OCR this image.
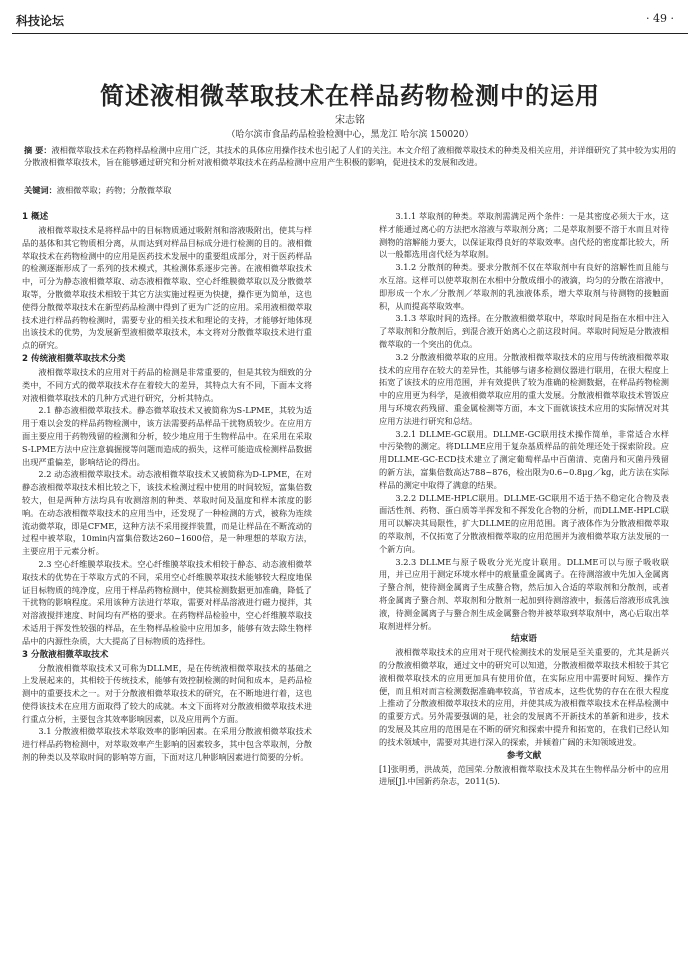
科技论坛	· 49 ·
简述液相微萃取技术在样品药物检测中的运用
宋志铭
（哈尔滨市食品药品检验检测中心，黑龙江 哈尔滨 150020）
摘 要：液相微萃取技术在药物样品检测中应用广泛，其技术的具体应用操作技术也引起了人们的关注。本文介绍了液相微萃取技术的种类及相关应用，并详细研究了其中较为实用的分散液相微萃取技术，旨在能够通过研究和分析对液相微萃取技术在药品检测中应用产生积极的影响，促进技术的发展和改进。
关键词：液相微萃取；药物；分散微萃取
1 概述

液相微萃取技术是将样品中的目标物质通过吸附剂和溶液吸附出，使其与样品的基体和其它物质相分离，从而达到对样品目标成分进行检测的目的。液相微萃取技术在药物检测中的应用是医药技术发展中的重要组成部分，对于医药样品的检测逐渐形成了一系列的技术模式，其检测体系逐步完善。在液相微萃取技术中，可分为静态液相微萃取、动态液相微萃取、空心纤维膜微萃取以及分散微萃取等，分散微萃取技术相较于其它方法实施过程更为快捷，操作更为简单，这也使得分散微萃取技术在新型药品检测中得到了更为广泛的应用。采用液相微萃取技术进行样品药物检测时，需要专业的相关技术和理论的支持，才能够好地体现出该技术的优势，为发展新型液相微萃取技术，本文将对分散微萃取技术进行重点的研究。

2 传统液相微萃取技术分类

液相微萃取技术的应用对于药品的检测是非常重要的，但是其较为细致的分类中，不同方式的微萃取技术存在着较大的差异，其特点大有不同，下面本文将对液相微萃取技术的几种方式进行研究，分析其特点。

2.1 静态液相微萃取技术。静态微萃取技术又被简称为S-LPME，其较为适用于难以会发的样品药物检测中，该方法需要药品样品干扰物质较少。在应用方面主要应用于药物残留的检测和分析，较少地应用于生物样品中。在采用在采取S-LPME方法中应注意搞掘搅等问题而造成的损失，这样可能造成检测样品数据出现严重偏差，影响结论的得出。

2.2 动态液相微萃取技术。动态液相微萃取技术又被简称为D-LPME，在对静态液相微萃取技术相比较之下，该技术检测过程中使用的时间较短，富集倍数较大，但是两种方法均具有收测溶剂的种类、萃取时间及温度和样本浓度的影响。在动态液相微萃取技术的应用当中，还发现了一种检测的方式，被称为连续流动微萃取，即是CFME，这种方法不采用搅拌装置，而是让样品在不断流动的过程中被萃取，10min内富集倍数达260~1600倍，是一种理想的萃取方法，主要应用于元素分析。

2.3 空心纤维膜萃取技术。空心纤维膜萃取技术相较于静态、动态液相微萃取技术的优势在于萃取方式的不同，采用空心纤维膜萃取技术能够较大程度地保证目标物质的纯净度，应用于样品药物检测中，使其检测数据更加准确，降低了干扰物的影响程度。采用该种方法进行萃取，需要对样品溶液进行磁力搅拌，其对溶液搅拌速度、时间均有严格的要求。在药物样品检验中，空心纤维膜萃取技术适用于挥发性较强的样品，在生物样品检验中应用加多，能够有效去除生物样品中的内源性杂质，大大提高了目标物质的选择性。

3 分散液相微萃取技术

分散液相微萃取技术又可称为DLLME，是在传统液相微萃取技术的基础之上发展起来的，其相较于传统技术，能够有效控制检测的时间和成本，是药品检测中的重要技术之一。对于分散液相微萃取技术的研究，在不断地进行着，这也使得该技术在应用方面取得了较大的成就。本文下面将对分散液相微萃取技术进行重点分析，主要包含其效率影响因素，以及应用两个方面。

3.1 分散液相微萃取技术萃取效率的影响因素。在采用分散液相微萃取技术进行样品药物检测中，对萃取效率产生影响的因素较多，其中包含萃取剂，分散剂的种类以及萃取时间的影响等方面，下面对这几种影响因素进行简要的分析。

3.1.1 萃取剂的种类。萃取剂需满足两个条件：一是其密度必须大于水，这样才能通过离心的方法把水溶液与萃取剂分离；二是萃取剂要不溶于水而且对待测物的溶解能力要大，以保证取得良好的萃取效率。卤代烃的密度都比较大，所以一般都选用卤代烃为萃取剂。

3.1.2 分散剂的种类。要求分散剂不仅在萃取剂中有良好的溶解性而且能与水互溶。这样可以使萃取剂在水相中分散成细小的液滴，均匀的分散在溶液中，即形成一个水／分散剂／萃取剂的乳浊液体系，增大萃取剂与待测物的接触面积，从而提高萃取效率。

3.1.3 萃取时间的选择。在分散液相微萃取中，萃取时间是指在水相中注入了萃取剂和分散剂后，到混合液开始离心之前这段时间。萃取时间短是分散液相微萃取的一个突出的优点。

3.2 分散液相微萃取的应用。分散液相微萃取技术的应用与传统液相微萃取技术的应用存在较大的差异性，其能够与诸多检测仪器进行联用，在很大程度上拓宽了该技术的应用范围，并有效提供了较为准确的检测数据，在样品药物检测中的应用更为科学，是液相微萃取应用的重大发展。分散液相微萃取技术管饭应用与环境农药残留、重金属检测等方面，本文下面就该技术应用的实际情况对其应用方法进行研究和总结。

3.2.1 DLLME-GC联用。DLLME-GC联用技术操作简单，非常适合水样中污染物的测定。将DLLME应用于复杂基质样品的前处理还处于探索阶段。应用DLLME-GC-ECD技术建立了测定葡萄样品中百菌清、克菌丹和灭菌丹残留的新方法，富集倍数高达788~876，检出限为0.6~0.8μg／kg，此方法在实际样品的测定中取得了满意的结果。

3.2.2 DLLME-HPLC联用。DLLME-GC联用不适于热不稳定化合物及表面活性剂、药物、蛋白质等半挥发和不挥发化合物的分析，而DLLME-HPLC联用可以解决其局限性，扩大DLLME的应用范围。离子液体作为分散液相微萃取的萃取剂，不仅拓宽了分散液相微萃取的应用范围并为液相微萃取方法发展的一个新方向。

3.2.3 DLLME与原子吸收分光光度计联用。DLLME可以与原子吸收联用，并已应用于测定环境水样中的痕量重金属离子。在待测溶液中先加入金属离子螯合剂，使待测金属离子生成螯合物，然后加入合适的萃取剂和分散剂，或者将金属离子螯合剂、萃取剂和分散剂一起加到待测溶液中，振荡后溶液形成乳浊液，待测金属离子与螯合剂生成金属螯合物并被萃取到萃取剂中，离心后取出萃取剂进样分析。

结束语

液相微萃取技术的应用对于现代检测技术的发展是至关重要的，尤其是新兴的分散液相微萃取，通过文中的研究可以知道，分散液相微萃取技术相较于其它液相微萃取技术的应用更加具有使用价值，在实际应用中需要时间短、操作方便，而且相对而言检测数据准确率较高，节省成本，这些优势的存在在很大程度上推动了分散液相微萃取技术的应用，并使其成为液相微萃取技术在样品检测中的重要方式。另外需要强调的是，社会的发展离不开新技术的革新和进步，技术的发展及其应用的范围是在不断的研究和探索中提升和拓宽的，在我们已经认知的技术领域中，需要对其进行深入的探索，并倾着广阔的未知领域进发。

参考文献

[1]张明勇，洪战英，范国荣.分散液相微萃取技术及其在生物样品分析中的应用进展[J].中国新药杂志，2011(5).
